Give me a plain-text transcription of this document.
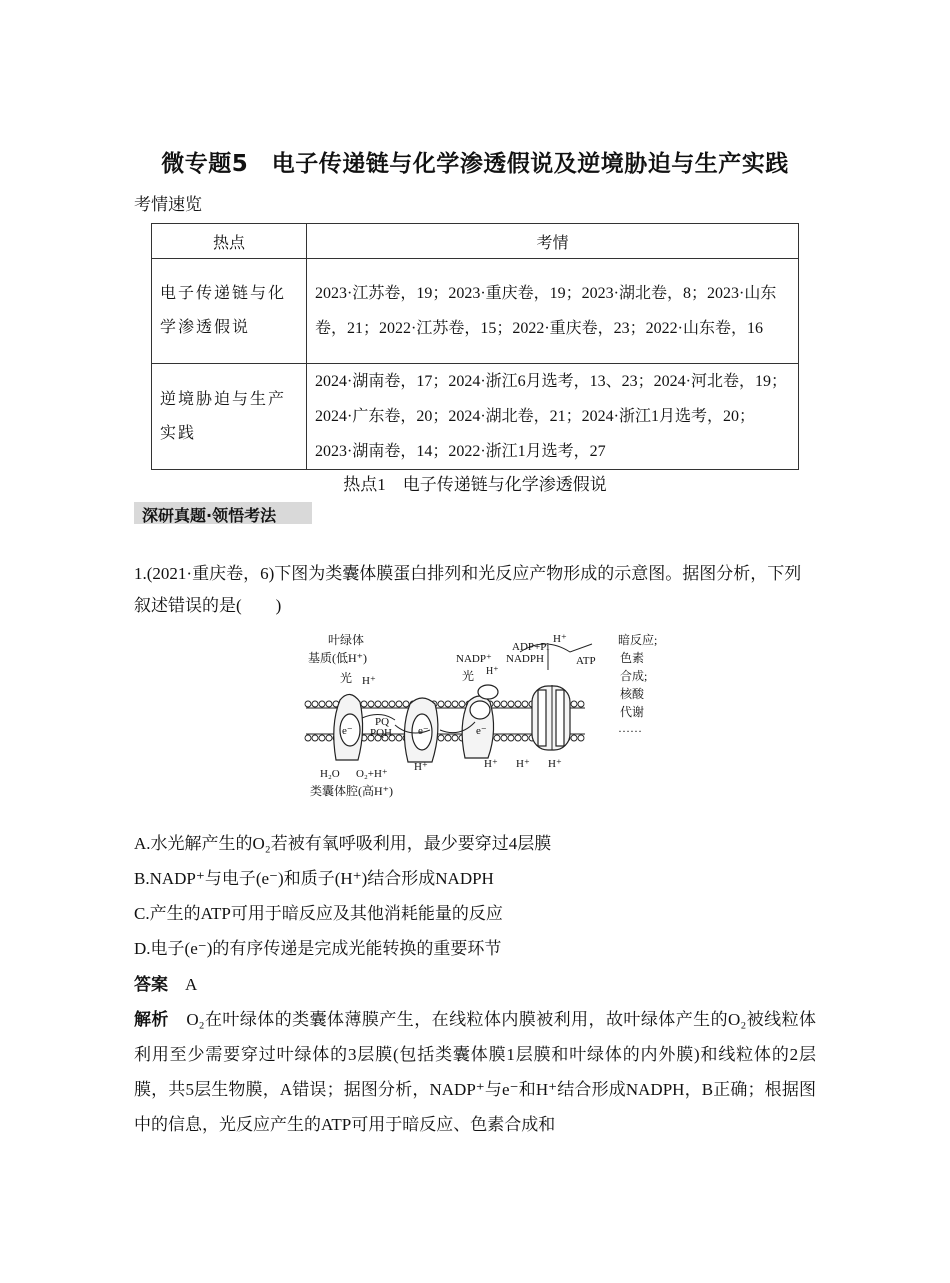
微专题5　电子传递链与化学渗透假说及逆境胁迫与生产实践
考情速览
热点	考情
电子传递链与化学渗透假说	2023·江苏卷，19；2023·重庆卷，19；2023·湖北卷，8；2023·山东卷，21；2022·江苏卷，15；2022·重庆卷，23；2022·山东卷，16
逆境胁迫与生产实践	2024·湖南卷，17；2024·浙江6月选考，13、23；2024·河北卷，19；2024·广东卷，20；2024·湖北卷，21；2024·浙江1月选考，20；2023·湖南卷，14；2022·浙江1月选考，27
热点1　电子传递链与化学渗透假说
深研真题·领悟考法
1.(2021·重庆卷，6)下图为类囊体膜蛋白排列和光反应产物形成的示意图。据图分析，下列叙述错误的是(　　)
叶绿体
基质(低H⁺)
光 H⁺
PQ
PQH
e⁻	e⁻	e⁻
H₂O O₂+H⁺
类囊体腔(高H⁺)
H⁺	H⁺ H⁺ H⁺
NADP⁺
光 H⁺
NADPH
ADP+Pi
H⁺
ATP
暗反应;
色素
合成;
核酸
代谢
……
A.水光解产生的O₂若被有氧呼吸利用，最少要穿过4层膜
B.NADP⁺与电子(e⁻)和质子(H⁺)结合形成NADPH
C.产生的ATP可用于暗反应及其他消耗能量的反应
D.电子(e⁻)的有序传递是完成光能转换的重要环节
答案　 A
解析　 O₂在叶绿体的类囊体薄膜产生，在线粒体内膜被利用，故叶绿体产生的O₂被线粒体利用至少需要穿过叶绿体的3层膜(包括类囊体膜1层膜和叶绿体的内外膜)和线粒体的2层膜，共5层生物膜，A错误；据图分析，NADP⁺与e⁻和H⁺结合形成NADPH，B正确；根据图中的信息，光反应产生的ATP可用于暗反应、色素合成和
